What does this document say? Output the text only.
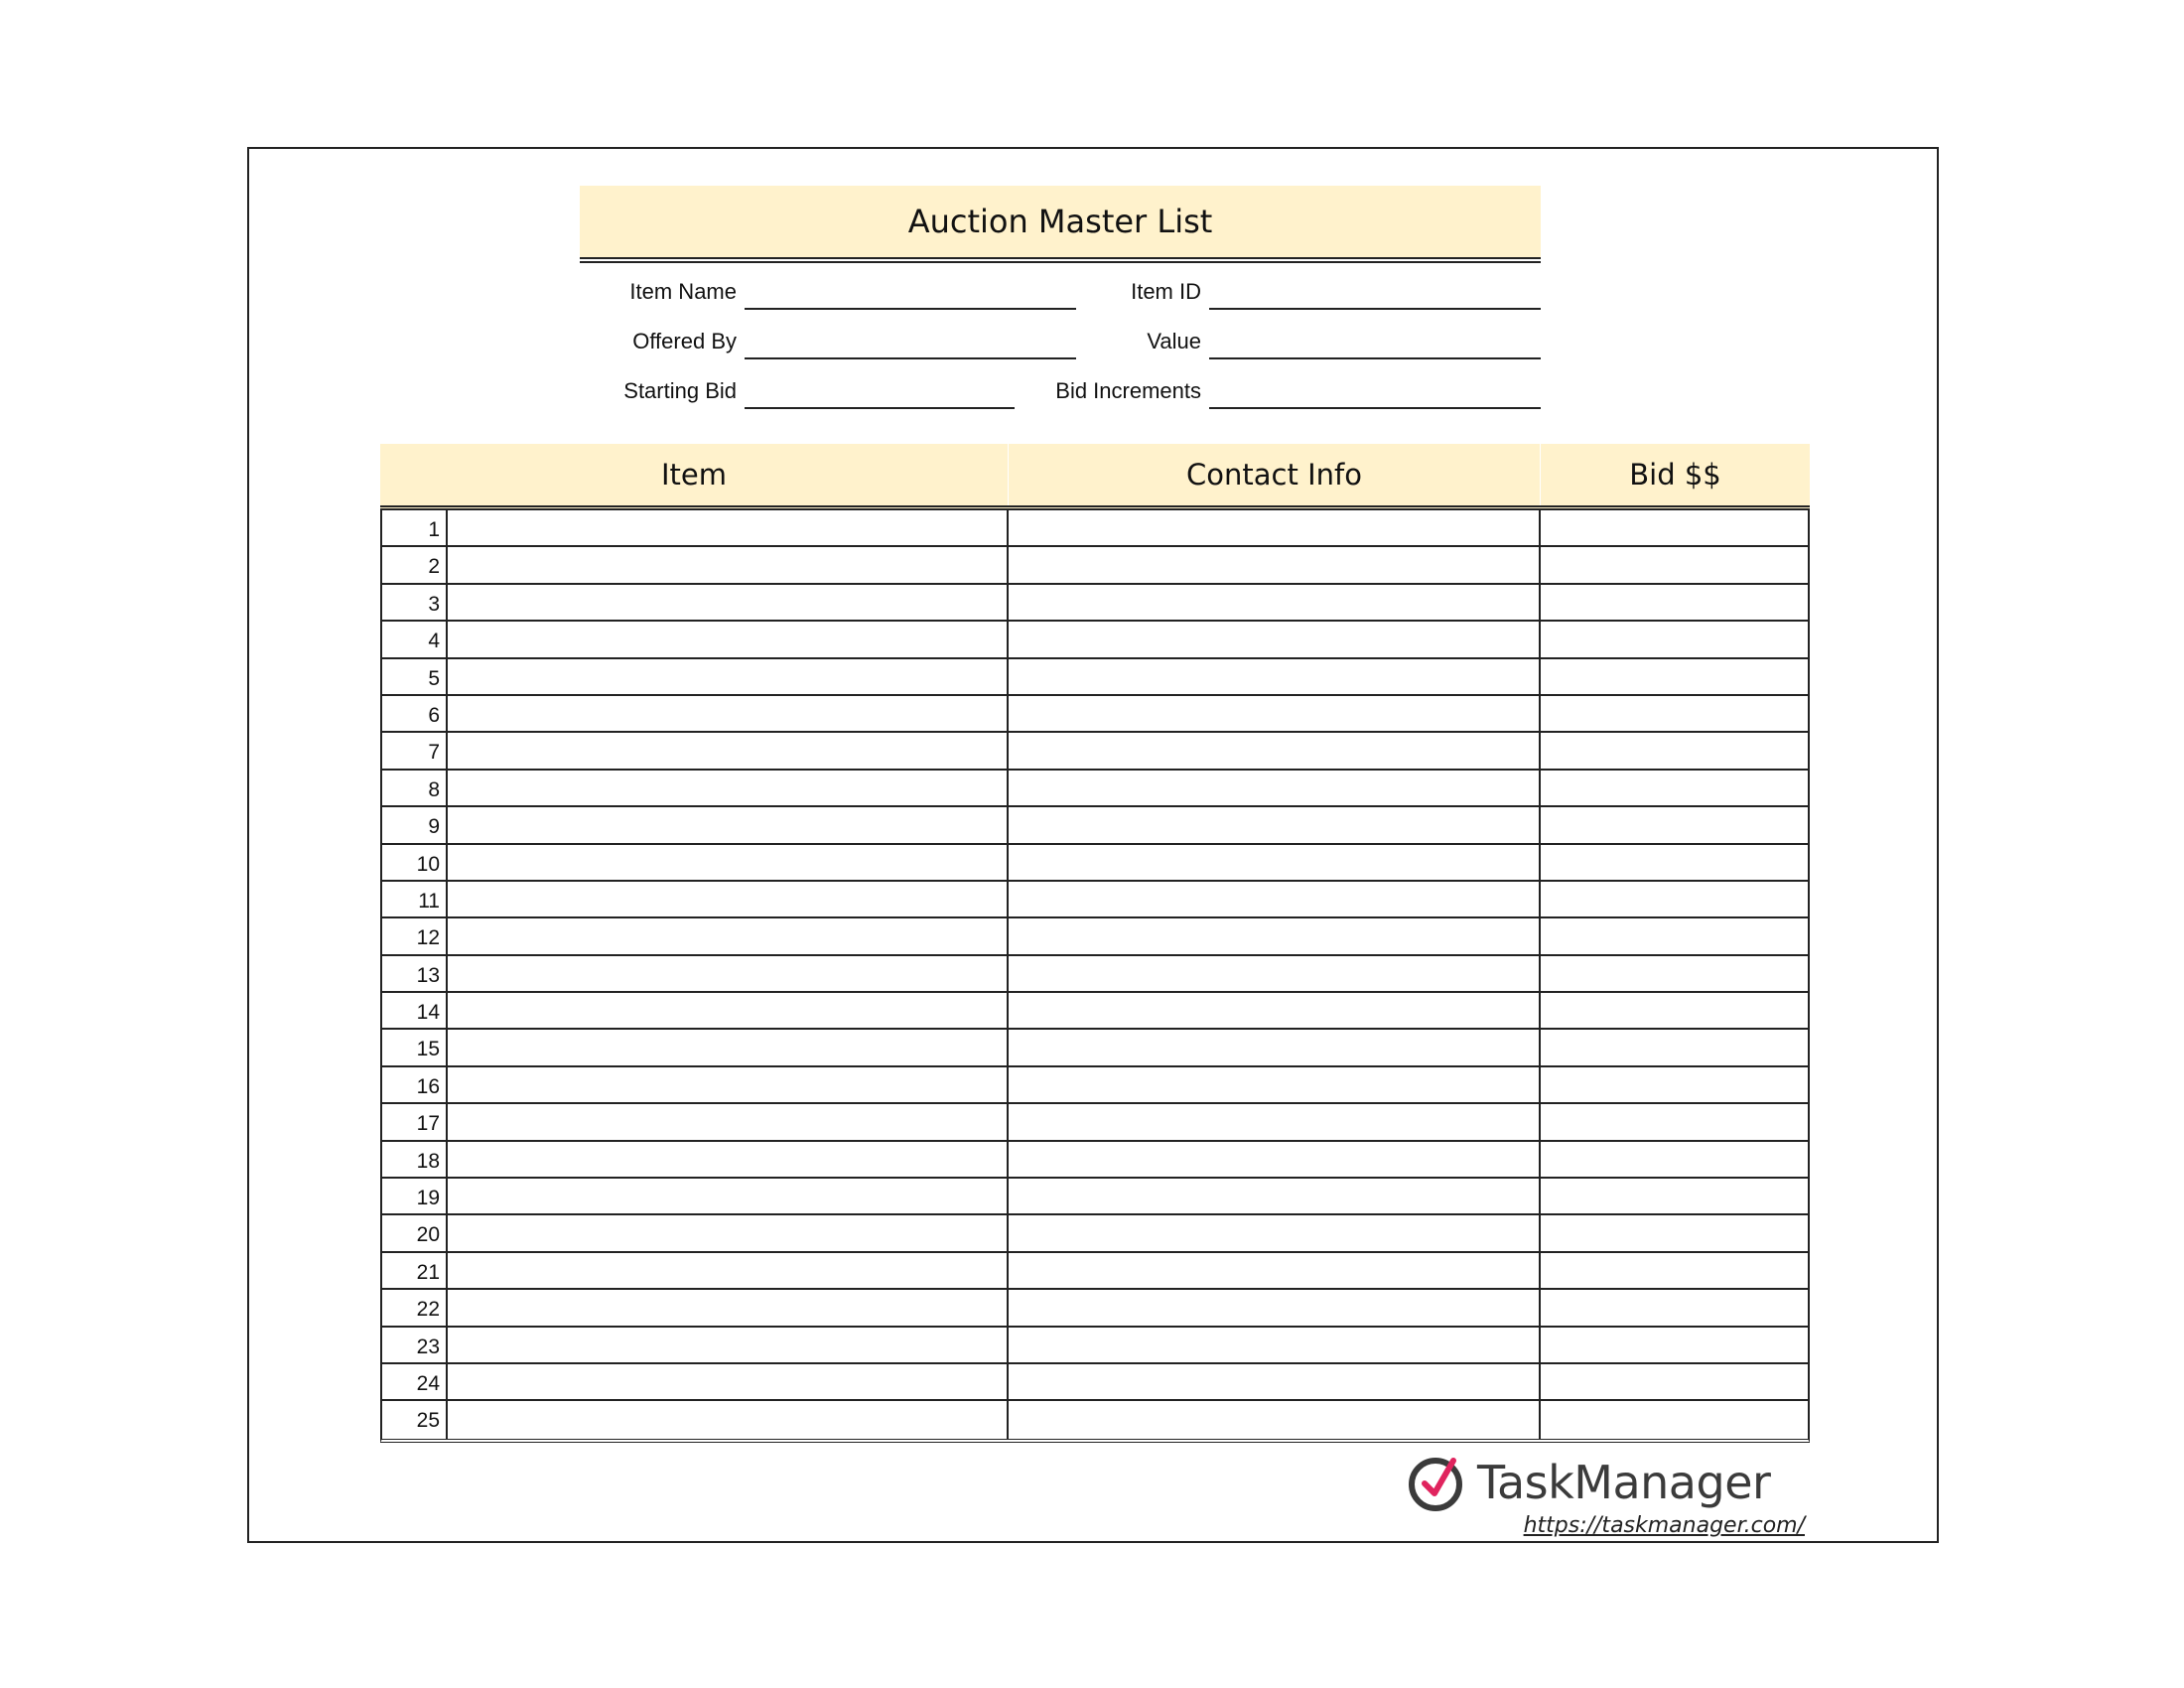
Auction Master List
Item Name	Item ID
Offered By	Value
Starting Bid	Bid Increments
Item	Contact Info	Bid $$
1
2
3
4
5
6
7
8
9
10
11
12
13
14
15
16
17
18
19
20
21
22
23
24
25
TaskManager
https://taskmanager.com/
